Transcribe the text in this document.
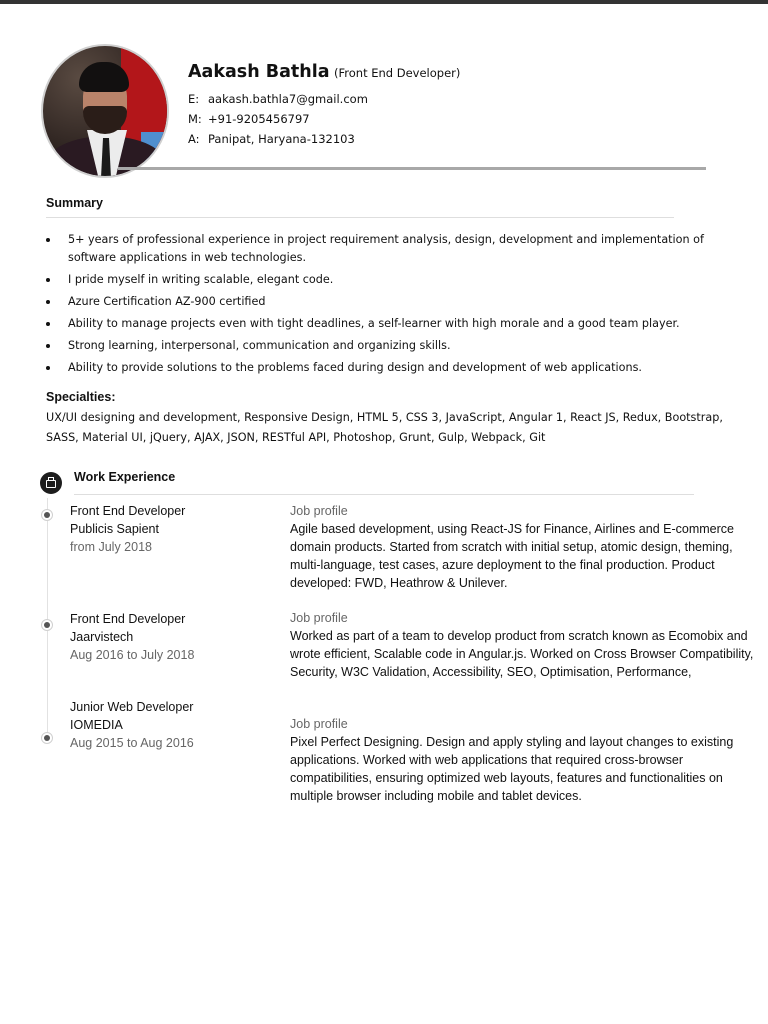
Aakash Bathla (Front End Developer)
E: aakash.bathla7@gmail.com
M: +91-9205456797
A: Panipat, Haryana-132103
Summary
5+ years of professional experience in project requirement analysis, design, development and implementation of software applications in web technologies.
I pride myself in writing scalable, elegant code.
Azure Certification AZ-900 certified
Ability to manage projects even with tight deadlines, a self-learner with high morale and a good team player.
Strong learning, interpersonal, communication and organizing skills.
Ability to provide solutions to the problems faced during design and development of web applications.
Specialties:
UX/UI designing and development, Responsive Design, HTML 5, CSS 3, JavaScript, Angular 1, React JS, Redux, Bootstrap, SASS, Material UI, jQuery, AJAX, JSON, RESTful API, Photoshop, Grunt, Gulp, Webpack, Git
Work Experience
Front End Developer
Publicis Sapient
from July 2018
Job profile
Agile based development, using React-JS for Finance, Airlines and E-commerce domain products. Started from scratch with initial setup, atomic design, theming, multi-language, test cases, azure deployment to the final production. Product developed: FWD, Heathrow & Unilever.
Front End Developer
Jaarvistech
Aug 2016 to July 2018
Job profile
Worked as part of a team to develop product from scratch known as Ecomobix and wrote efficient, Scalable code in Angular.js. Worked on Cross Browser Compatibility, Security, W3C Validation, Accessibility, SEO, Optimisation, Performance,
Junior Web Developer
IOMEDIA
Aug 2015 to Aug 2016
Job profile
Pixel Perfect Designing. Design and apply styling and layout changes to existing applications. Worked with web applications that required cross-browser compatibilities, ensuring optimized web layouts, features and functionalities on multiple browser including mobile and tablet devices.
